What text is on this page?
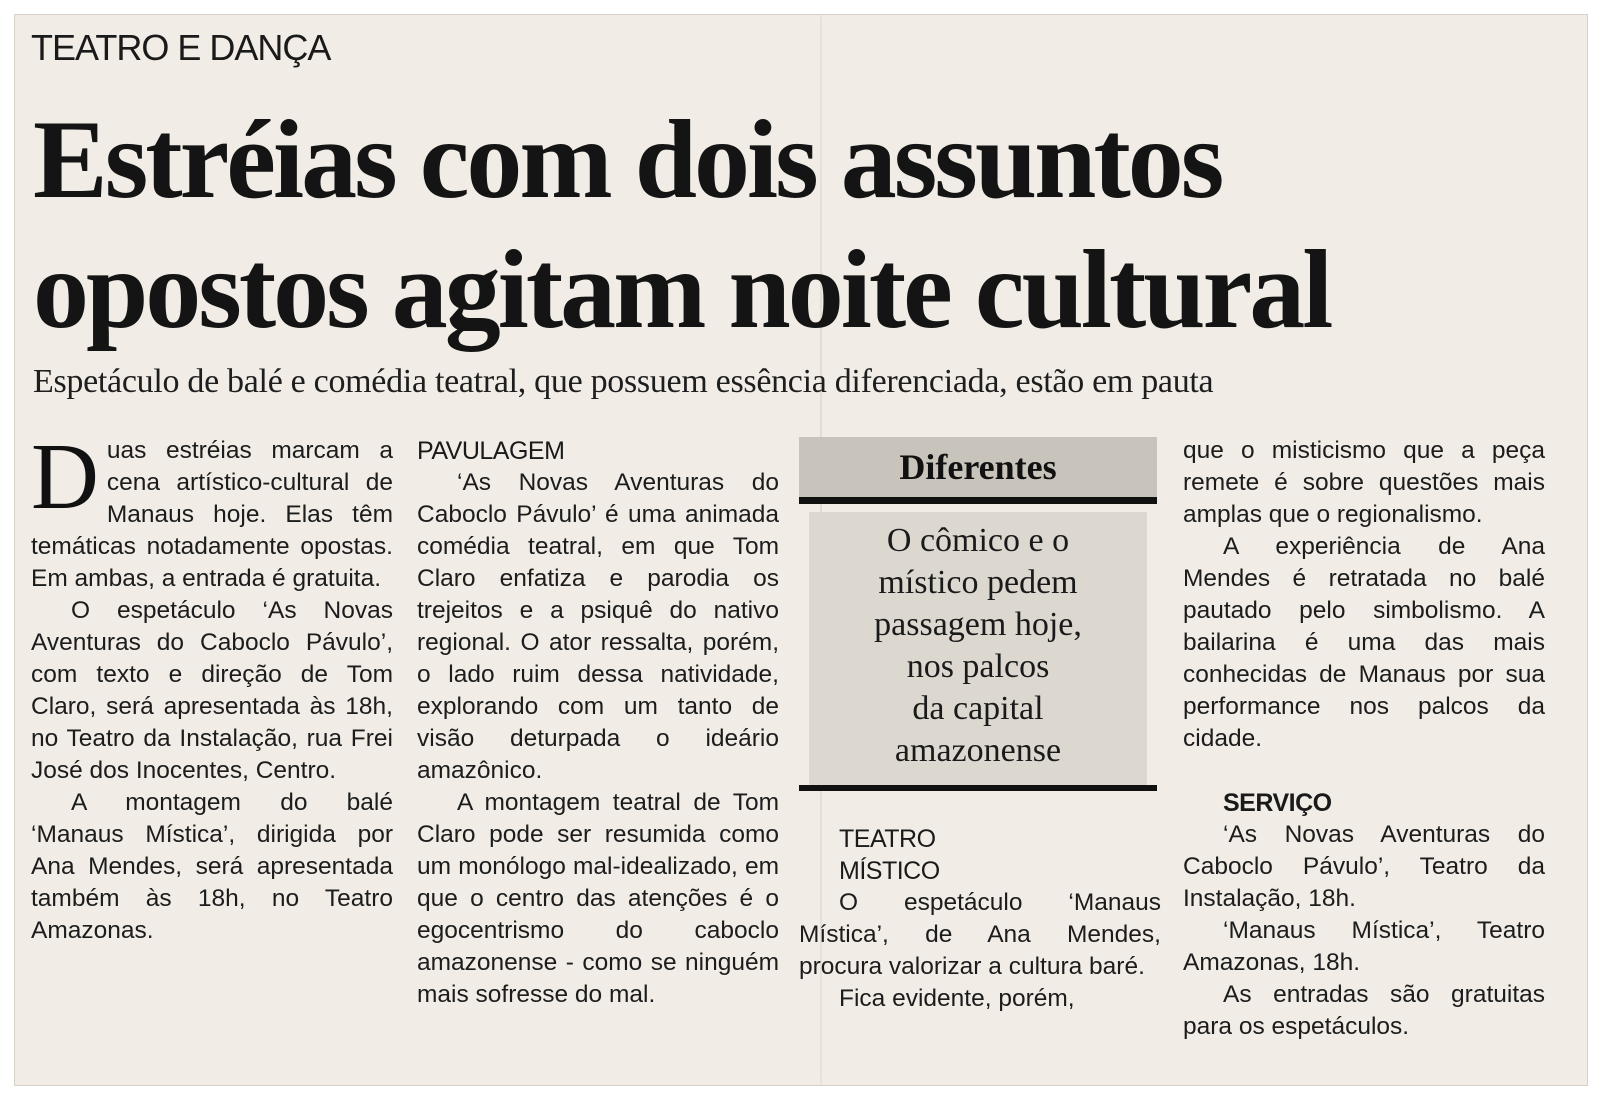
TEATRO E DANÇA
Estréias com dois assuntos
opostos agitam noite cultural
Espetáculo de balé e comédia teatral, que possuem essência diferenciada, estão em pauta

Duas estréias marcam a cena artístico-cultural de Manaus hoje. Elas têm temáticas notadamente opostas. Em ambas, a entrada é gratuita.

O espetáculo ‘As Novas Aventuras do Caboclo Pávulo’, com texto e direção de Tom Claro, será apresentada às 18h, no Teatro da Instalação, rua Frei José dos Inocentes, Centro.

A montagem do balé ‘Manaus Mística’, dirigida por Ana Mendes, será apresentada também às 18h, no Teatro Amazonas.

PAVULAGEM

‘As Novas Aventuras do Caboclo Pávulo’ é uma animada comédia teatral, em que Tom Claro enfatiza e parodia os trejeitos e a psiquê do nativo regional. O ator ressalta, porém, o lado ruim dessa natividade, explorando com um tanto de visão deturpada o ideário amazônico.

A montagem teatral de Tom Claro pode ser resumida como um monólogo mal-idealizado, em que o centro das atenções é o egocentrismo do caboclo amazonense - como se ninguém mais sofresse do mal.

Diferentes
O cômico e o
místico pedem
passagem hoje,
nos palcos
da capital
amazonense
TEATRO
MÍSTICO

O espetáculo ‘Manaus Mística’, de Ana Mendes, procura valorizar a cultura baré.

Fica evidente, porém,

que o misticismo que a peça remete é sobre questões mais amplas que o regionalismo.

A experiência de Ana Mendes é retratada no balé pautado pelo simbolismo. A bailarina é uma das mais conhecidas de Manaus por sua performance nos palcos da cidade.

SERVIÇO

‘As Novas Aventuras do Caboclo Pávulo’, Teatro da Instalação, 18h.

‘Manaus Mística’, Teatro Amazonas, 18h.

As entradas são gratuitas para os espetáculos.
